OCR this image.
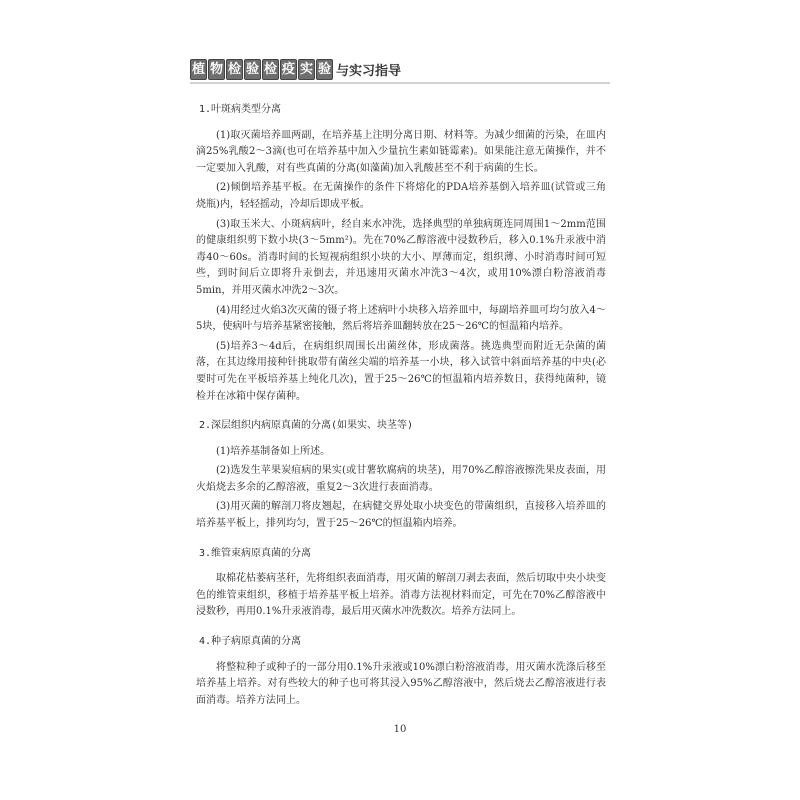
植 物 检 验 检 疫 实 验 与实习指导
1.叶斑病类型分离

(1)取灭菌培养皿两副，在培养基上注明分离日期、材料等。为减少细菌的污染，在皿内滴25%乳酸2～3滴(也可在培养基中加入少量抗生素如链霉素)。如果能注意无菌操作，并不一定要加入乳酸，对有些真菌的分离(如藻菌)加入乳酸甚至不利于病菌的生长。

(2)倾倒培养基平板。在无菌操作的条件下将熔化的PDA培养基倒入培养皿(试管或三角烧瓶)内，轻轻摇动，冷却后即成平板。

(3)取玉米大、小斑病病叶，经自来水冲洗，选择典型的单独病斑连同周围1～2mm范围的健康组织剪下数小块(3～5mm²)。先在70%乙醇溶液中浸数秒后，移入0.1%升汞液中消毒40～60s。消毒时间的长短视病组织小块的大小、厚薄而定，组织薄、小时消毒时间可短些，到时间后立即将升汞倒去，并迅速用灭菌水冲洗3～4次，或用10%漂白粉溶液消毒5min，并用灭菌水冲洗2～3次。

(4)用经过火焰3次灭菌的镊子将上述病叶小块移入培养皿中，每副培养皿可均匀放入4～5块，使病叶与培养基紧密接触，然后将培养皿翻转放在25～26℃的恒温箱内培养。

(5)培养3～4d后，在病组织周围长出菌丝体，形成菌落。挑选典型而附近无杂菌的菌落，在其边缘用接种针挑取带有菌丝尖端的培养基一小块，移入试管中斜面培养基的中央(必要时可先在平板培养基上纯化几次)，置于25～26℃的恒温箱内培养数日，获得纯菌种，镜检并在冰箱中保存菌种。

2.深层组织内病原真菌的分离(如果实、块茎等)

(1)培养基制备如上所述。

(2)选发生苹果炭疽病的果实(或甘薯软腐病的块茎)，用70%乙醇溶液擦洗果皮表面，用火焰烧去多余的乙醇溶液，重复2～3次进行表面消毒。

(3)用灭菌的解剖刀将皮翘起，在病健交界处取小块变色的带菌组织，直接移入培养皿的培养基平板上，排列均匀，置于25～26℃的恒温箱内培养。

3.维管束病原真菌的分离

取棉花枯萎病茎秆，先将组织表面消毒，用灭菌的解剖刀剥去表面，然后切取中央小块变色的维管束组织，移植于培养基平板上培养。消毒方法视材料而定，可先在70%乙醇溶液中浸数秒，再用0.1%升汞液消毒，最后用灭菌水冲洗数次。培养方法同上。

4.种子病原真菌的分离

将整粒种子或种子的一部分用0.1%升汞液或10%漂白粉溶液消毒，用灭菌水洗涤后移至培养基上培养。对有些较大的种子也可将其浸入95%乙醇溶液中，然后烧去乙醇溶液进行表面消毒。培养方法同上。

10
